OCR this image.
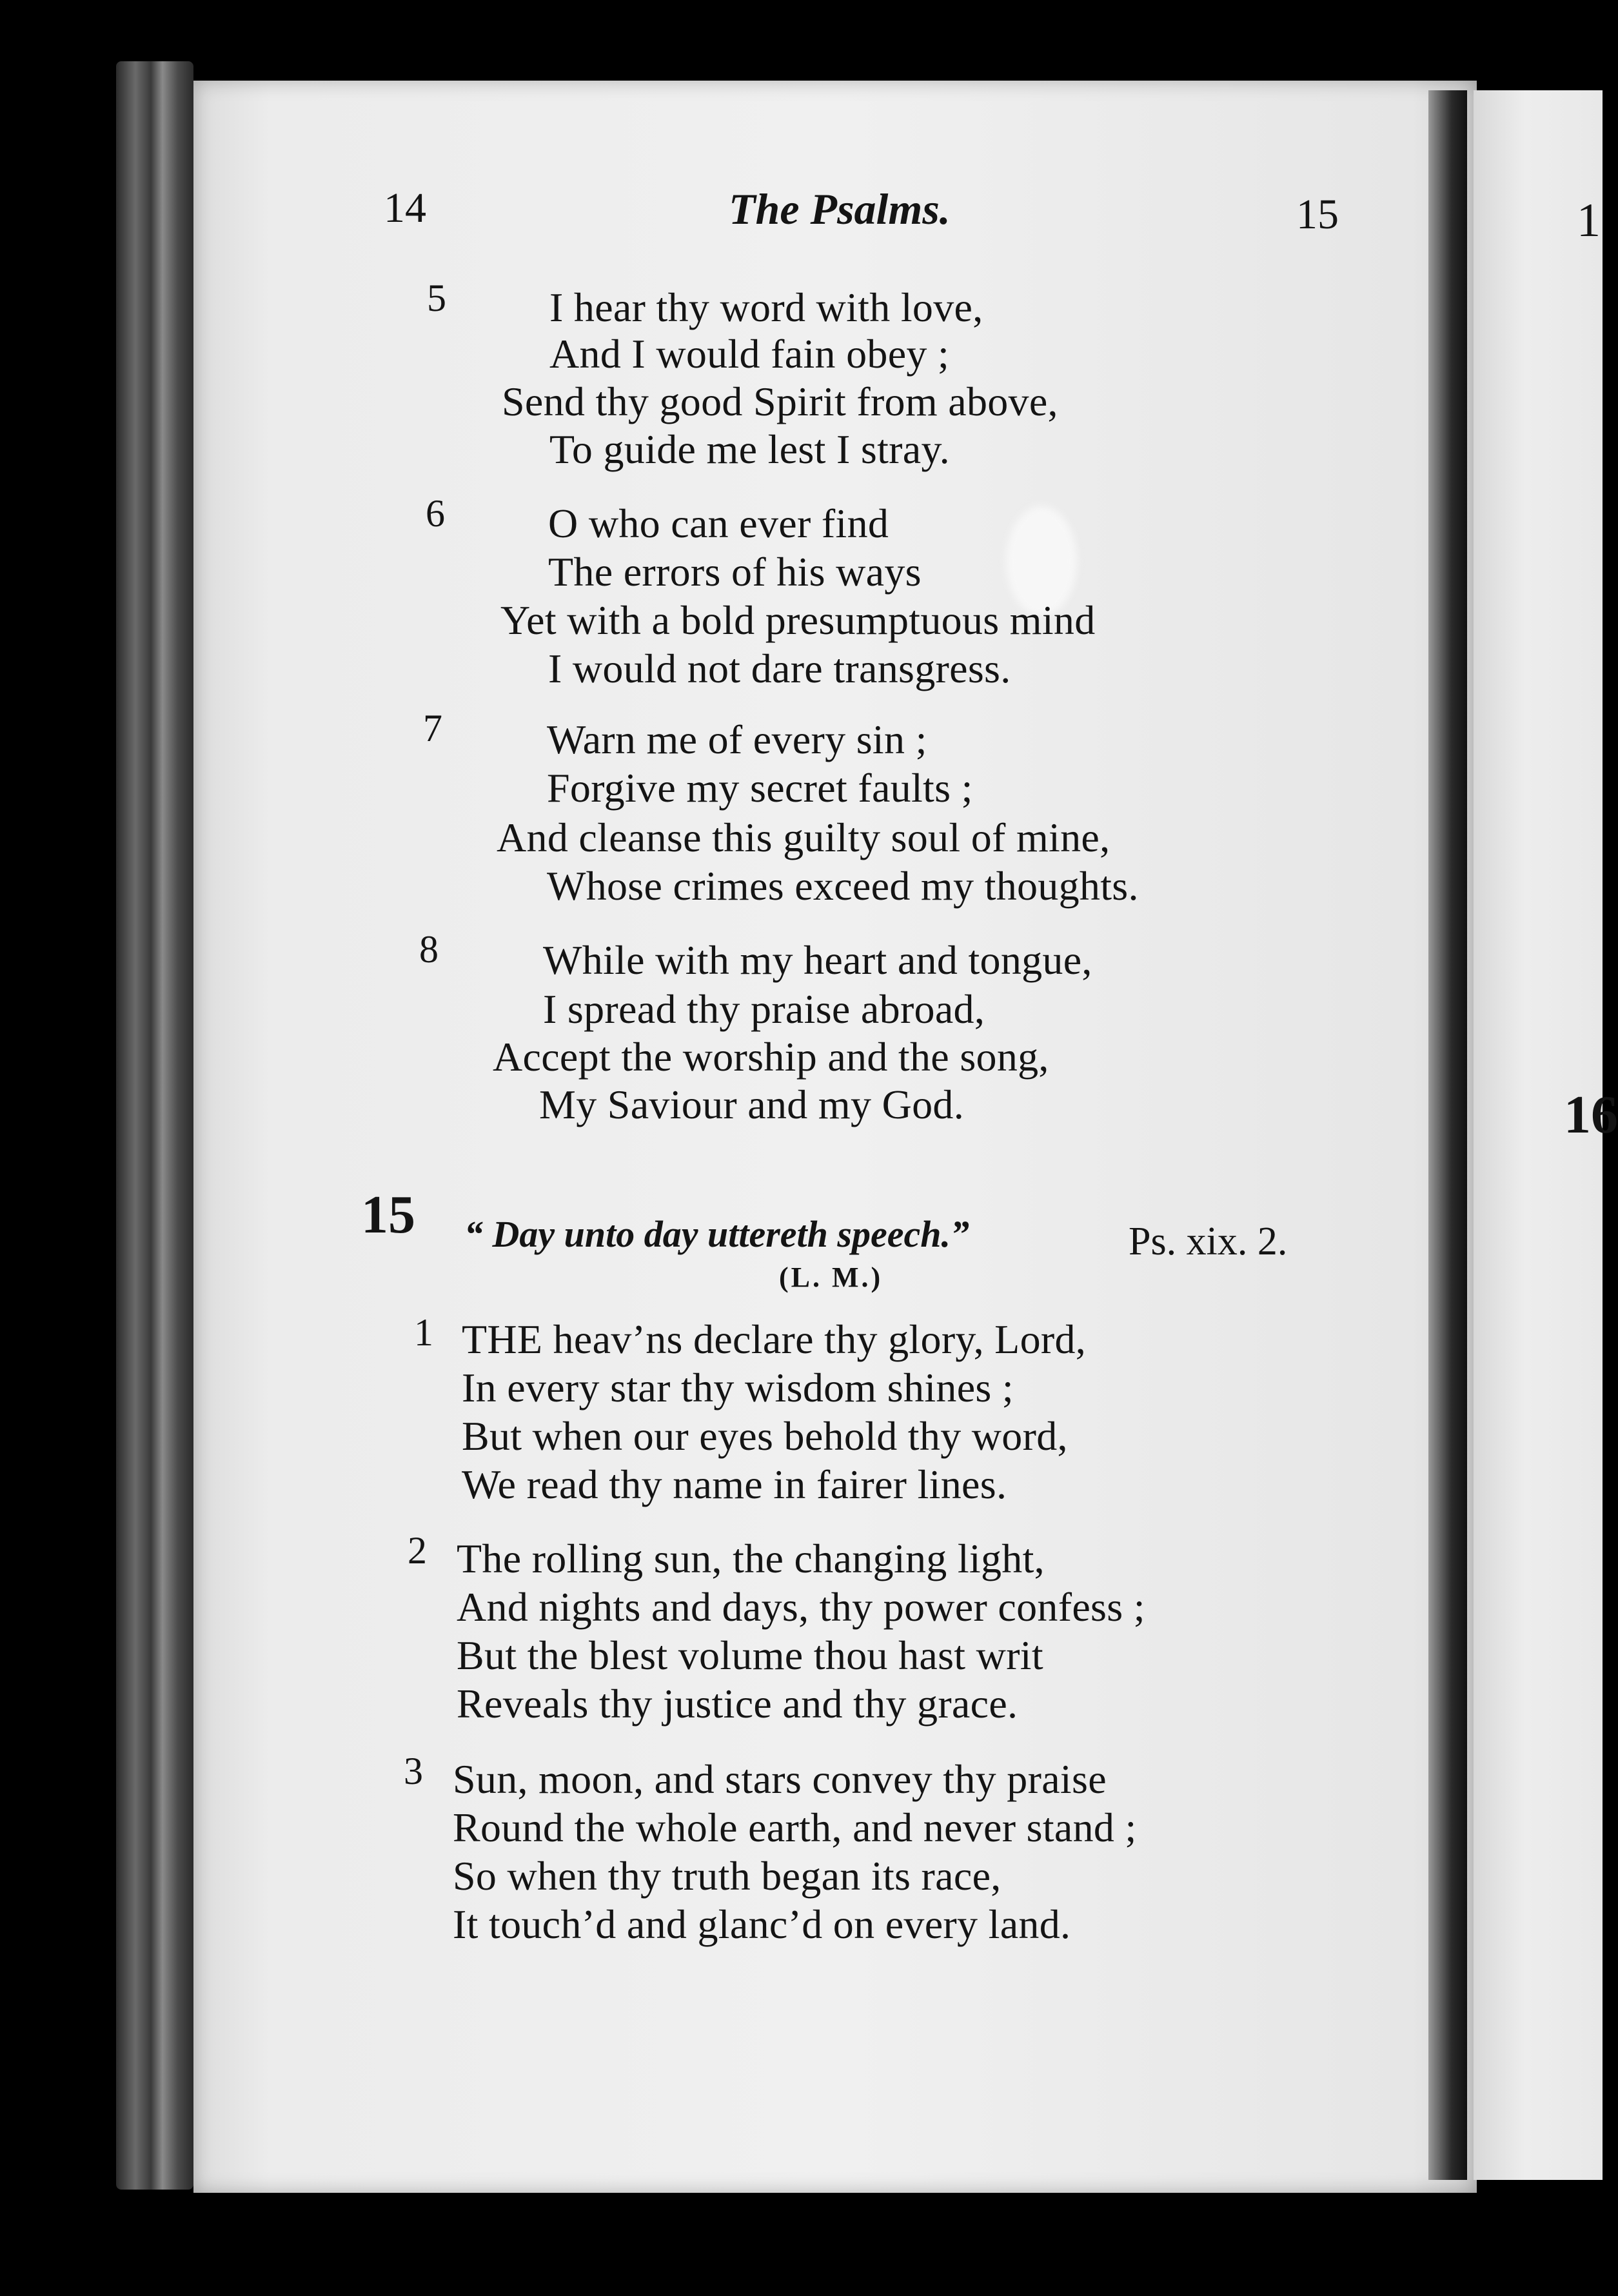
1
16
14	The Psalms.	15
5	I hear thy word with love,
And I would fain obey ;
Send thy good Spirit from above,
To guide me lest I stray.
6	O who can ever find
The errors of his ways
Yet with a bold presumptuous mind
I would not dare transgress.
7	Warn me of every sin ;
Forgive my secret faults ;
And cleanse this guilty soul of mine,
Whose crimes exceed my thoughts.
8	While with my heart and tongue,
I spread thy praise abroad,
Accept the worship and the song,
My Saviour and my God.
15 “ Day unto day uttereth speech.”	Ps. xix. 2.
(L. M.)
1 THE heav’ns declare thy glory, Lord,
In every star thy wisdom shines ;
But when our eyes behold thy word,
We read thy name in fairer lines.
2 The rolling sun, the changing light,
And nights and days, thy power confess ;
But the blest volume thou hast writ
Reveals thy justice and thy grace.
3 Sun, moon, and stars convey thy praise
Round the whole earth, and never stand ;
So when thy truth began its race,
It touch’d and glanc’d on every land.
